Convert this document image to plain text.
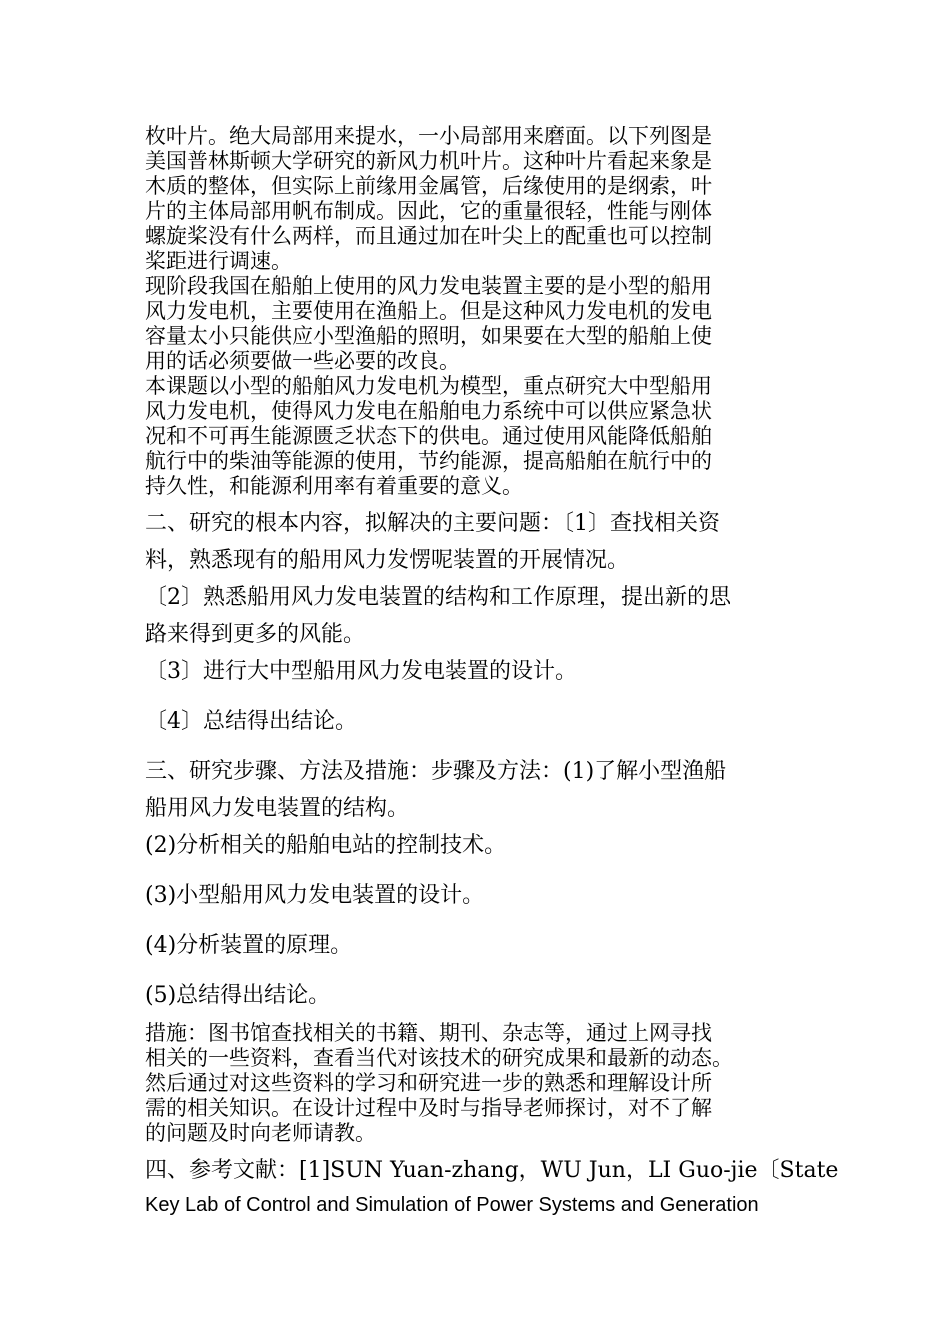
枚叶片。绝大局部用来提水，一小局部用来磨面。以下列图是
美国普林斯顿大学研究的新风力机叶片。这种叶片看起来象是
木质的整体，但实际上前缘用金属管，后缘使用的是纲索，叶
片的主体局部用帆布制成。因此，它的重量很轻，性能与刚体
螺旋桨没有什么两样，而且通过加在叶尖上的配重也可以控制
桨距进行调速。
现阶段我国在船舶上使用的风力发电装置主要的是小型的船用
风力发电机，主要使用在渔船上。但是这种风力发电机的发电
容量太小只能供应小型渔船的照明，如果要在大型的船舶上使
用的话必须要做一些必要的改良。
本课题以小型的船舶风力发电机为模型，重点研究大中型船用
风力发电机，使得风力发电在船舶电力系统中可以供应紧急状
况和不可再生能源匮乏状态下的供电。通过使用风能降低船舶
航行中的柴油等能源的使用，节约能源，提高船舶在航行中的
持久性，和能源利用率有着重要的意义。
二、研究的根本内容，拟解决的主要问题：〔1〕查找相关资
料，熟悉现有的船用风力发愣呢装置的开展情况。
〔2〕熟悉船用风力发电装置的结构和工作原理，提出新的思
路来得到更多的风能。
〔3〕进行大中型船用风力发电装置的设计。
〔4〕总结得出结论。
三、研究步骤、方法及措施：步骤及方法：(1)了解小型渔船
船用风力发电装置的结构。
(2)分析相关的船舶电站的控制技术。
(3)小型船用风力发电装置的设计。
(4)分析装置的原理。
(5)总结得出结论。
措施：图书馆查找相关的书籍、期刊、杂志等，通过上网寻找
相关的一些资料，查看当代对该技术的研究成果和最新的动态。
然后通过对这些资料的学习和研究进一步的熟悉和理解设计所
需的相关知识。在设计过程中及时与指导老师探讨，对不了解
的问题及时向老师请教。
四、参考文献：[1]SUN Yuan-zhang，WU Jun，LI Guo-jie〔State
Key Lab of Control and Simulation of Power Systems and Generation
